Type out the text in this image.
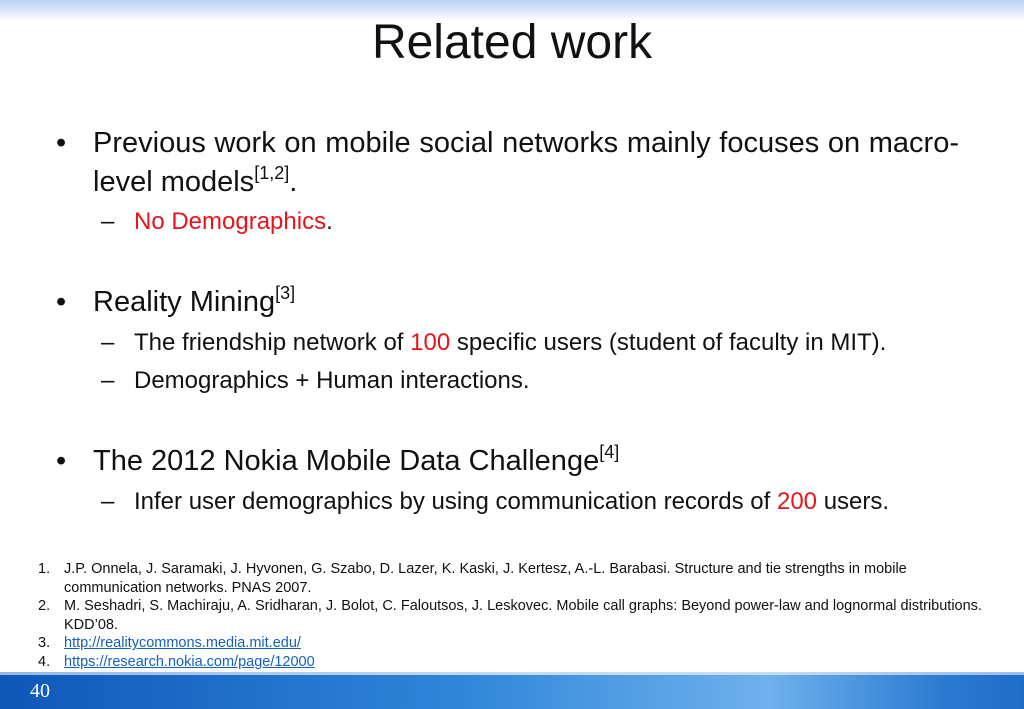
Related work
• Previous work on mobile social networks mainly focuses on macro-level models[1,2].
– No Demographics.
• Reality Mining[3]
– The friendship network of 100 specific users (student of faculty in MIT).
– Demographics + Human interactions.
• The 2012 Nokia Mobile Data Challenge[4]
– Infer user demographics by using communication records of 200 users.
1. J.P. Onnela, J. Saramaki, J. Hyvonen, G. Szabo, D. Lazer, K. Kaski, J. Kertesz, A.-L. Barabasi. Structure and tie strengths in mobile communication networks. PNAS 2007.
2. M. Seshadri, S. Machiraju, A. Sridharan, J. Bolot, C. Faloutsos, J. Leskovec. Mobile call graphs: Beyond power-law and lognormal distributions. KDD’08.
3. http://realitycommons.media.mit.edu/
4. https://research.nokia.com/page/12000
40
